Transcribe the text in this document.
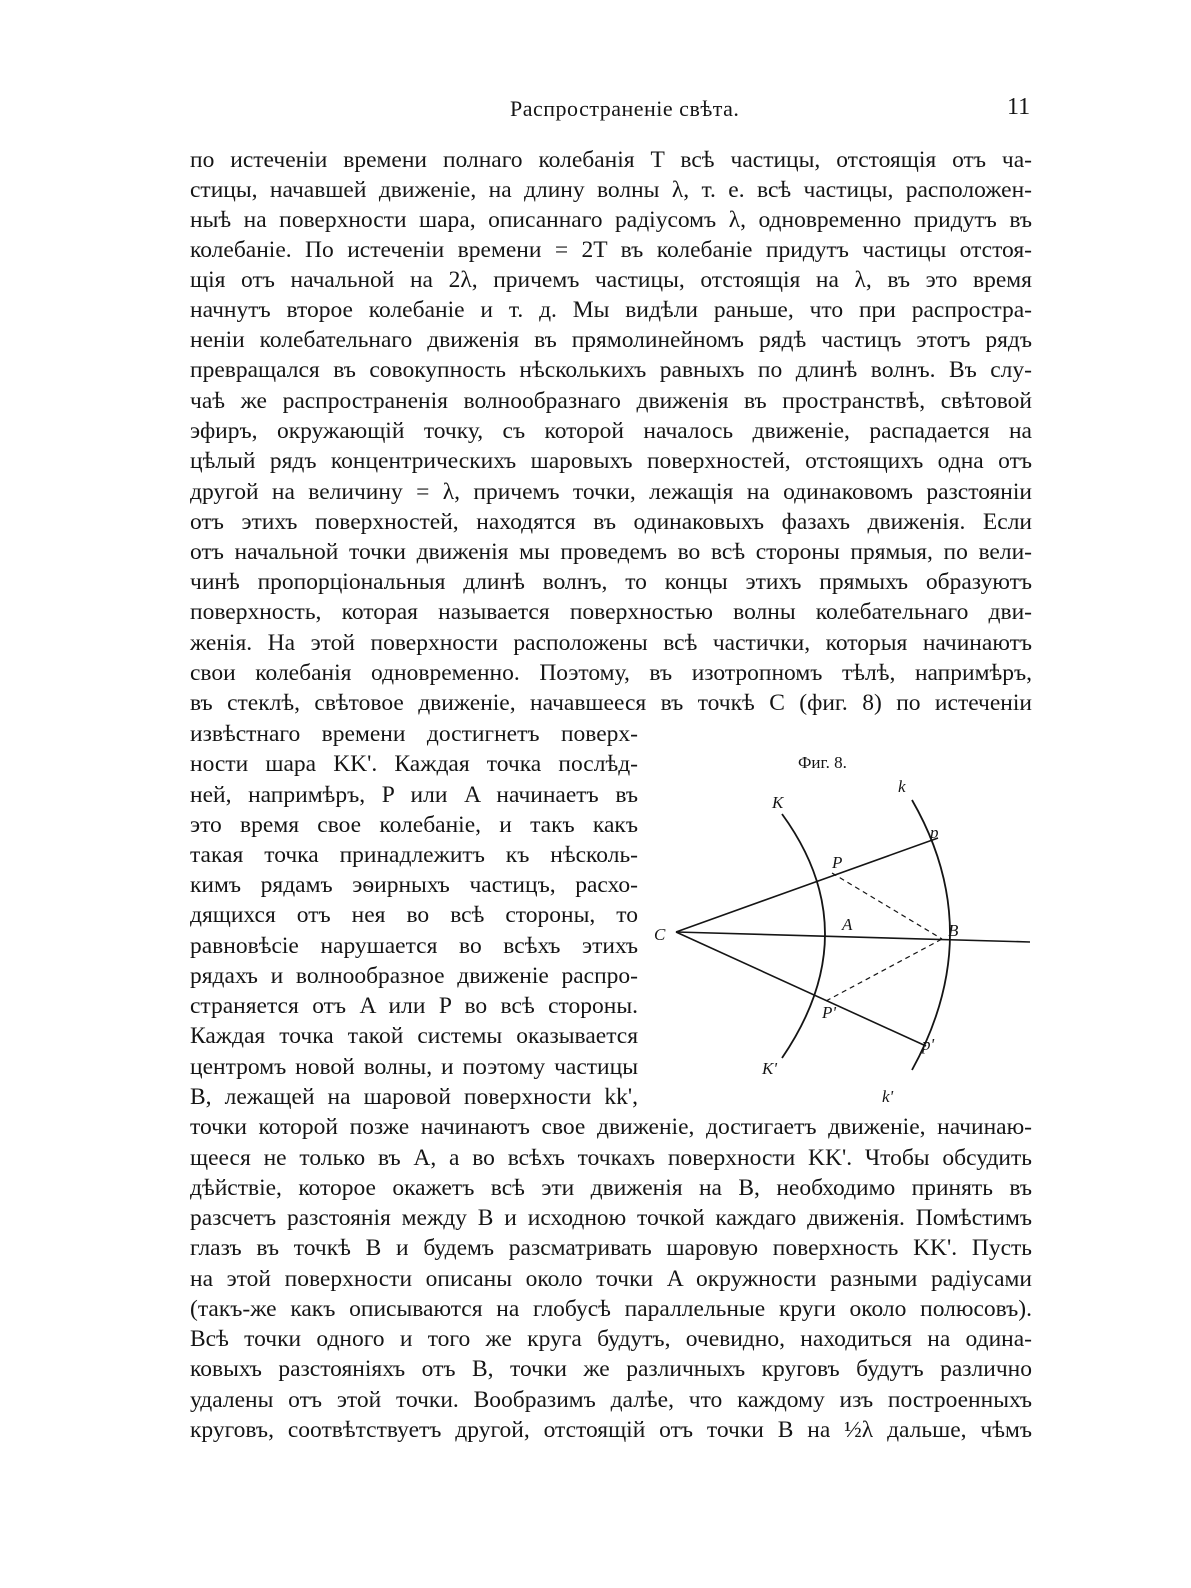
Распространеніе свѣта.	11
по истеченіи времени полнаго колебанія T всѣ частицы, отстоящія отъ ча-
стицы, начавшей движеніе, на длину волны λ, т. е. всѣ частицы, расположен-
ныѣ на поверхности шара, описаннаго радіусомъ λ, одновременно придутъ въ
колебаніе. По истеченіи времени = 2T въ колебаніе придутъ частицы отстоя-
щія отъ начальной на 2λ, причемъ частицы, отстоящія на λ, въ это время
начнутъ второе колебаніе и т. д. Мы видѣли раньше, что при распростра-
неніи колебательнаго движенія въ прямолинейномъ рядѣ частицъ этотъ рядъ
превращался въ совокупность нѣсколькихъ равныхъ по длинѣ волнъ. Въ слу-
чаѣ же распространенія волнообразнаго движенія въ пространствѣ, свѣтовой
эфиръ, окружающій точку, съ которой началось движеніе, распадается на
цѣлый рядъ концентрическихъ шаровыхъ поверхностей, отстоящихъ одна отъ
другой на величину = λ, причемъ точки, лежащія на одинаковомъ разстояніи
отъ этихъ поверхностей, находятся въ одинаковыхъ фазахъ движенія. Если
отъ начальной точки движенія мы проведемъ во всѣ стороны прямыя, по вели-
чинѣ пропорціональныя длинѣ волнъ, то концы этихъ прямыхъ образуютъ
поверхность, которая называется поверхностью волны колебательнаго дви-
женія. На этой поверхности расположены всѣ частички, которыя начинаютъ
свои колебанія одновременно. Поэтому, въ изотропномъ тѣлѣ, напримѣръ,
въ стеклѣ, свѣтовое движеніе, начавшееся въ точкѣ C (фиг. 8) по истеченіи
извѣстнаго времени достигнетъ поверх-
ности шара KK'. Каждая точка послѣд-
ней, напримѣръ, P или A начинаетъ въ
это время свое колебаніе, и такъ какъ
такая точка принадлежитъ къ нѣсколь-
кимъ рядамъ эѳирныхъ частицъ, расхо-
дящихся отъ нея во всѣ стороны, то
равновѣсіе нарушается во всѣхъ этихъ
рядахъ и волнообразное движеніе распро-
страняется отъ A или P во всѣ стороны.
Каждая точка такой системы оказывается
центромъ новой волны, и поэтому частицы
B, лежащей на шаровой поверхности kk',
точки которой позже начинаютъ свое движеніе, достигаетъ движеніе, начинаю-
щееся не только въ A, а во всѣхъ точкахъ поверхности KK'. Чтобы обсудить
дѣйствіе, которое окажетъ всѣ эти движенія на B, необходимо принять въ
разсчетъ разстоянія между B и исходною точкой каждаго движенія. Помѣстимъ
глазъ въ точкѣ B и будемъ разсматривать шаровую поверхность KK'. Пусть
на этой поверхности описаны около точки A окружности разными радіусами
(такъ-же какъ описываются на глобусѣ параллельные круги около полюсовъ).
Всѣ точки одного и того же круга будутъ, очевидно, находиться на одина-
ковыхъ разстояніяхъ отъ B, точки же различныхъ круговъ будутъ различно
удалены отъ этой точки. Вообразимъ далѣе, что каждому изъ построенныхъ
круговъ, соотвѣтствуетъ другой, отстоящій отъ точки B на ½λ дальше, чѣмъ
Фиг. 8.
K
K'
k
k'
C
A	B
P
P'
p
p'
